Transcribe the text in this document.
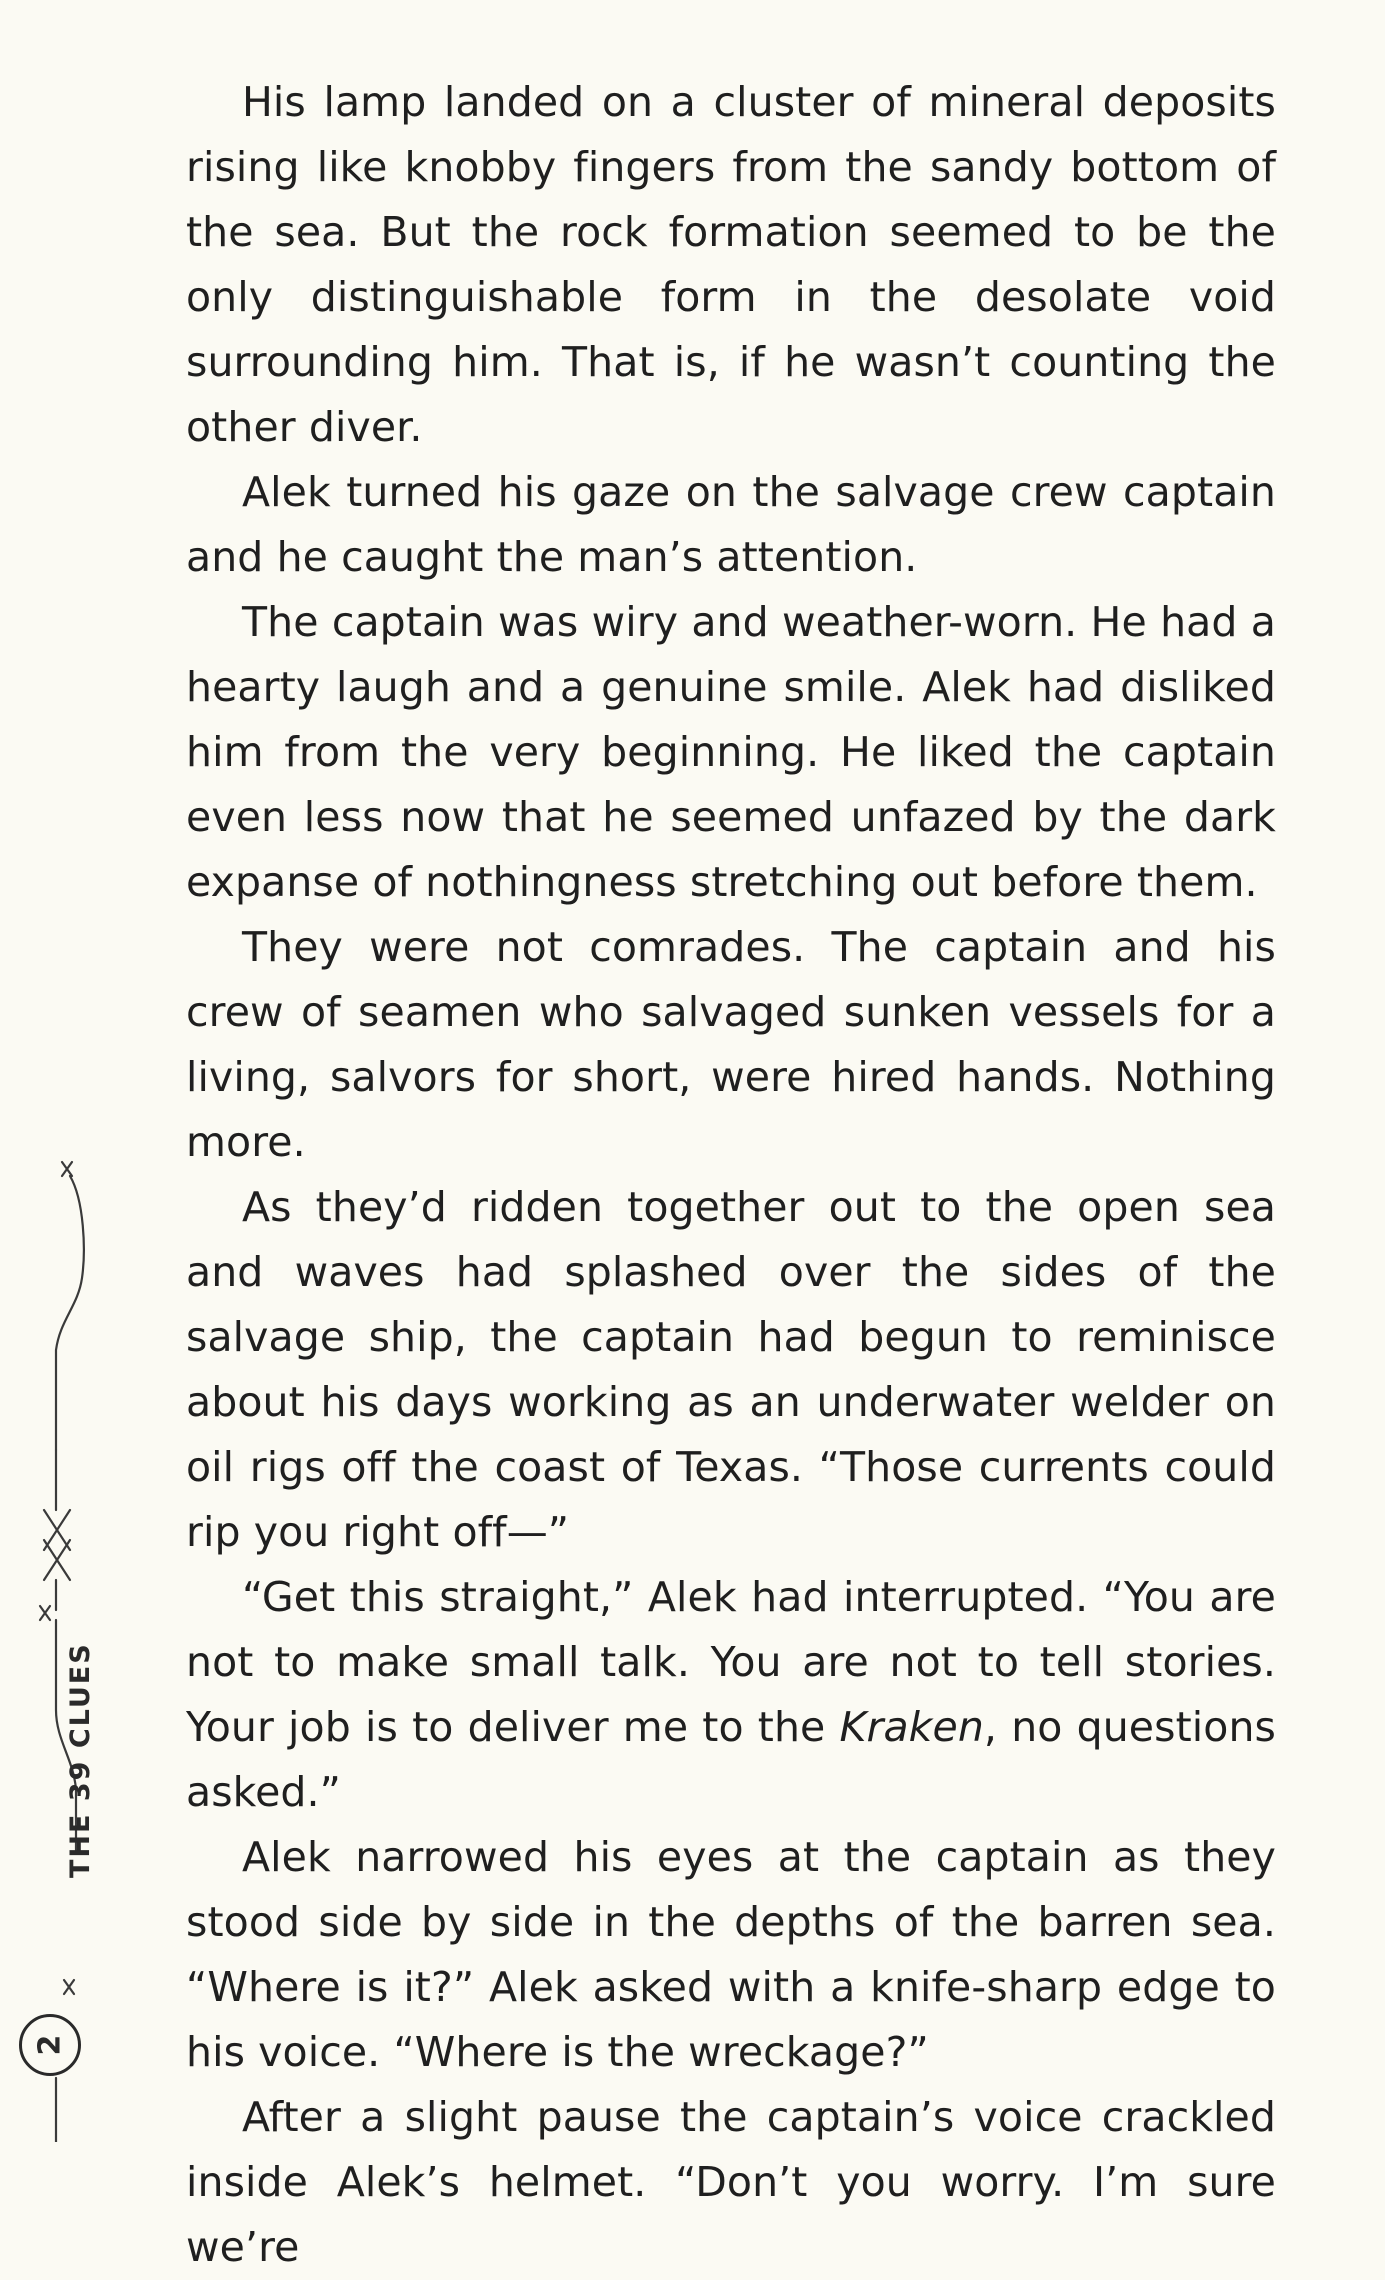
His lamp landed on a cluster of mineral deposits rising like knobby fingers from the sandy bottom of the sea. But the rock formation seemed to be the only distinguishable form in the desolate void surrounding him. That is, if he wasn’t counting the other diver.

Alek turned his gaze on the salvage crew captain and he caught the man’s attention.

The captain was wiry and weather-worn. He had a hearty laugh and a genuine smile. Alek had disliked him from the very beginning. He liked the captain even less now that he seemed unfazed by the dark expanse of nothingness stretching out before them.

They were not comrades. The captain and his crew of seamen who salvaged sunken vessels for a living, salvors for short, were hired hands. Nothing more.

As they’d ridden together out to the open sea and waves had splashed over the sides of the salvage ship, the captain had begun to reminisce about his days working as an underwater welder on oil rigs off the coast of Texas. “Those currents could rip you right off—”

“Get this straight,” Alek had interrupted. “You are not to make small talk. You are not to tell stories. Your job is to deliver me to the Kraken, no questions asked.”

Alek narrowed his eyes at the captain as they stood side by side in the depths of the barren sea. “Where is it?” Alek asked with a knife-sharp edge to his voice. “Where is the wreckage?”

After a slight pause the captain’s voice crackled inside Alek’s helmet. “Don’t you worry. I’m sure we’re

THE 39 CLUES
2
